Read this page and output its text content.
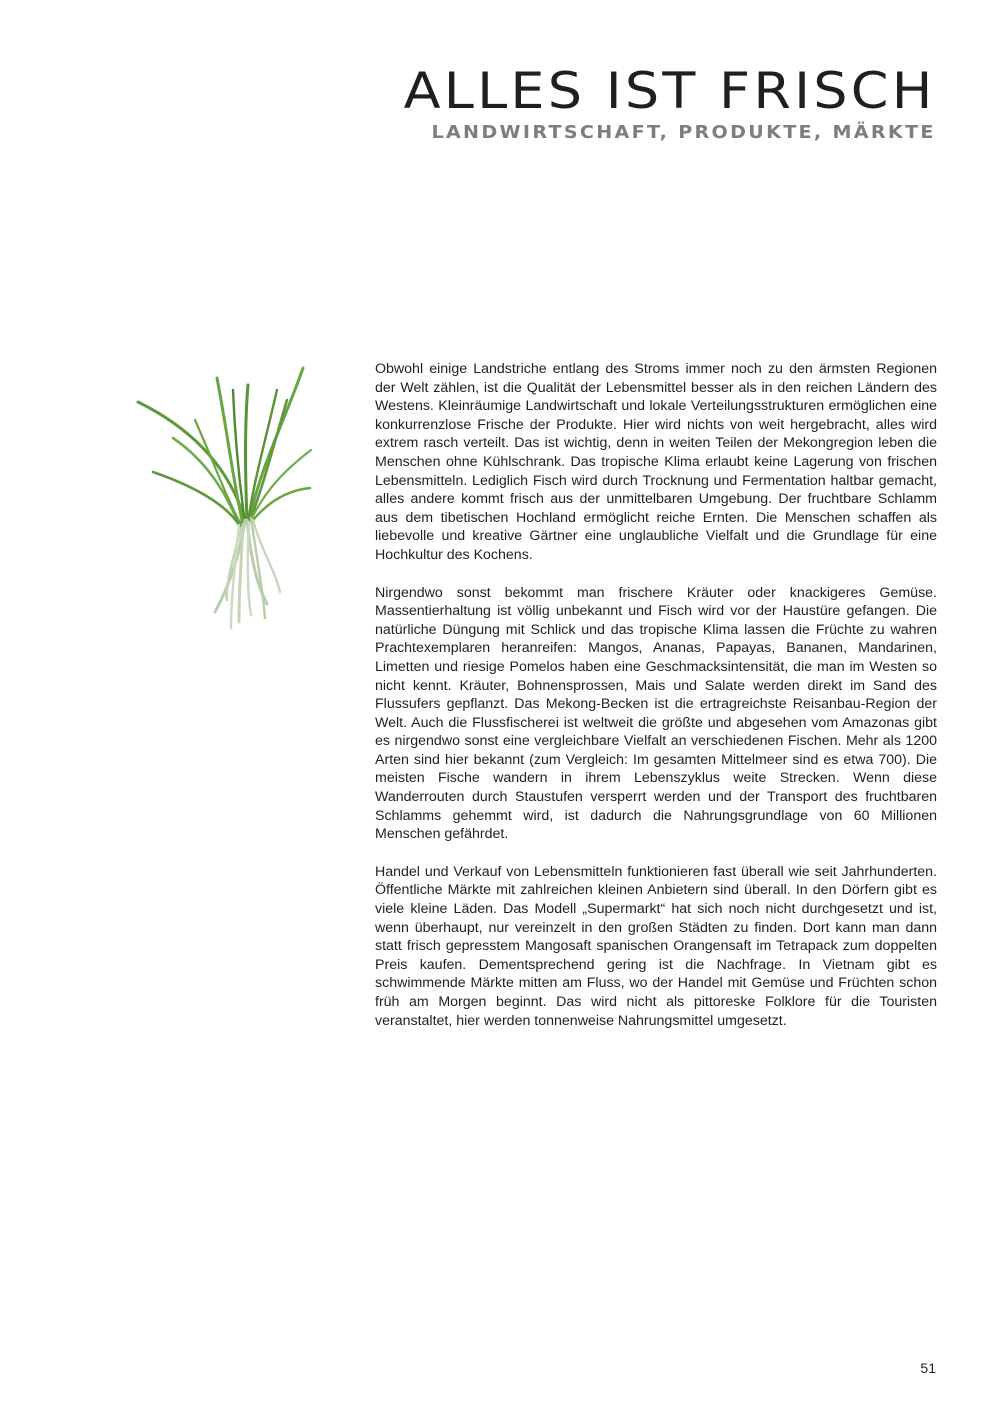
ALLES IST FRISCH
LANDWIRTSCHAFT, PRODUKTE, MÄRKTE

Obwohl einige Landstriche entlang des Stroms immer noch zu den ärmsten Regionen der Welt zählen, ist die Qualität der Lebensmittel besser als in den reichen Ländern des Westens. Kleinräumige Landwirtschaft und lokale Verteilungsstrukturen ermöglichen eine konkurrenzlose Frische der Produkte. Hier wird nichts von weit hergebracht, alles wird extrem rasch verteilt. Das ist wichtig, denn in weiten Teilen der Mekongregion leben die Menschen ohne Kühlschrank. Das tropische Klima erlaubt keine Lagerung von frischen Lebensmitteln. Lediglich Fisch wird durch Trocknung und Fermentation haltbar gemacht, alles andere kommt frisch aus der unmittelbaren Umgebung. Der fruchtbare Schlamm aus dem tibetischen Hochland ermöglicht reiche Ernten. Die Menschen schaffen als liebevolle und kreative Gärtner eine unglaubliche Vielfalt und die Grundlage für eine Hochkultur des Kochens.

Nirgendwo sonst bekommt man frischere Kräuter oder knackigeres Gemüse. Massentierhaltung ist völlig unbekannt und Fisch wird vor der Haustüre gefangen. Die natürliche Düngung mit Schlick und das tropische Klima lassen die Früchte zu wahren Prachtexemplaren heranreifen: Mangos, Ananas, Papayas, Bananen, Mandarinen, Limetten und riesige Pomelos haben eine Geschmacksintensität, die man im Westen so nicht kennt. Kräuter, Bohnensprossen, Mais und Salate werden direkt im Sand des Flussufers gepflanzt. Das Mekong-Becken ist die ertragreichste Reisanbau-Region der Welt. Auch die Flussfischerei ist weltweit die größte und abgesehen vom Amazonas gibt es nirgendwo sonst eine vergleichbare Vielfalt an verschiedenen Fischen. Mehr als 1200 Arten sind hier bekannt (zum Vergleich: Im gesamten Mittelmeer sind es etwa 700). Die meisten Fische wandern in ihrem Lebenszyklus weite Strecken. Wenn diese Wanderrouten durch Staustufen versperrt werden und der Transport des fruchtbaren Schlamms gehemmt wird, ist dadurch die Nahrungsgrundlage von 60 Millionen Menschen gefährdet.

Handel und Verkauf von Lebensmitteln funktionieren fast überall wie seit Jahrhunderten. Öffentliche Märkte mit zahlreichen kleinen Anbietern sind überall. In den Dörfern gibt es viele kleine Läden. Das Modell „Supermarkt“ hat sich noch nicht durchgesetzt und ist, wenn überhaupt, nur vereinzelt in den großen Städten zu finden. Dort kann man dann statt frisch gepresstem Mangosaft spanischen Orangensaft im Tetrapack zum doppelten Preis kaufen. Dementsprechend gering ist die Nachfrage. In Vietnam gibt es schwimmende Märkte mitten am Fluss, wo der Handel mit Gemüse und Früchten schon früh am Morgen beginnt. Das wird nicht als pittoreske Folklore für die Touristen veranstaltet, hier werden tonnenweise Nahrungsmittel umgesetzt.

51
